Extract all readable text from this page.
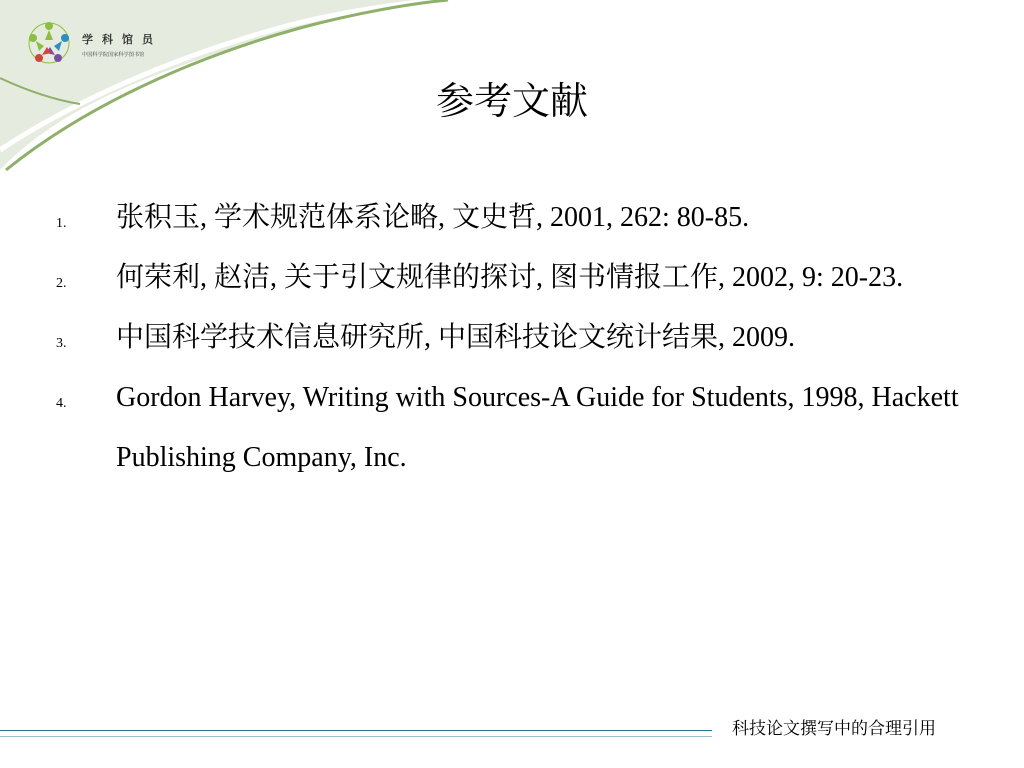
学科馆员
中国科学院国家科学图书馆
参考文献
1. 张积玉, 学术规范体系论略, 文史哲, 2001, 262: 80-85.
2. 何荣利, 赵洁, 关于引文规律的探讨, 图书情报工作, 2002, 9: 20-23.
3. 中国科学技术信息研究所, 中国科技论文统计结果, 2009.
4. Gordon Harvey, Writing with Sources-A Guide for Students, 1998, Hackett Publishing Company, Inc.
科技论文撰写中的合理引用
